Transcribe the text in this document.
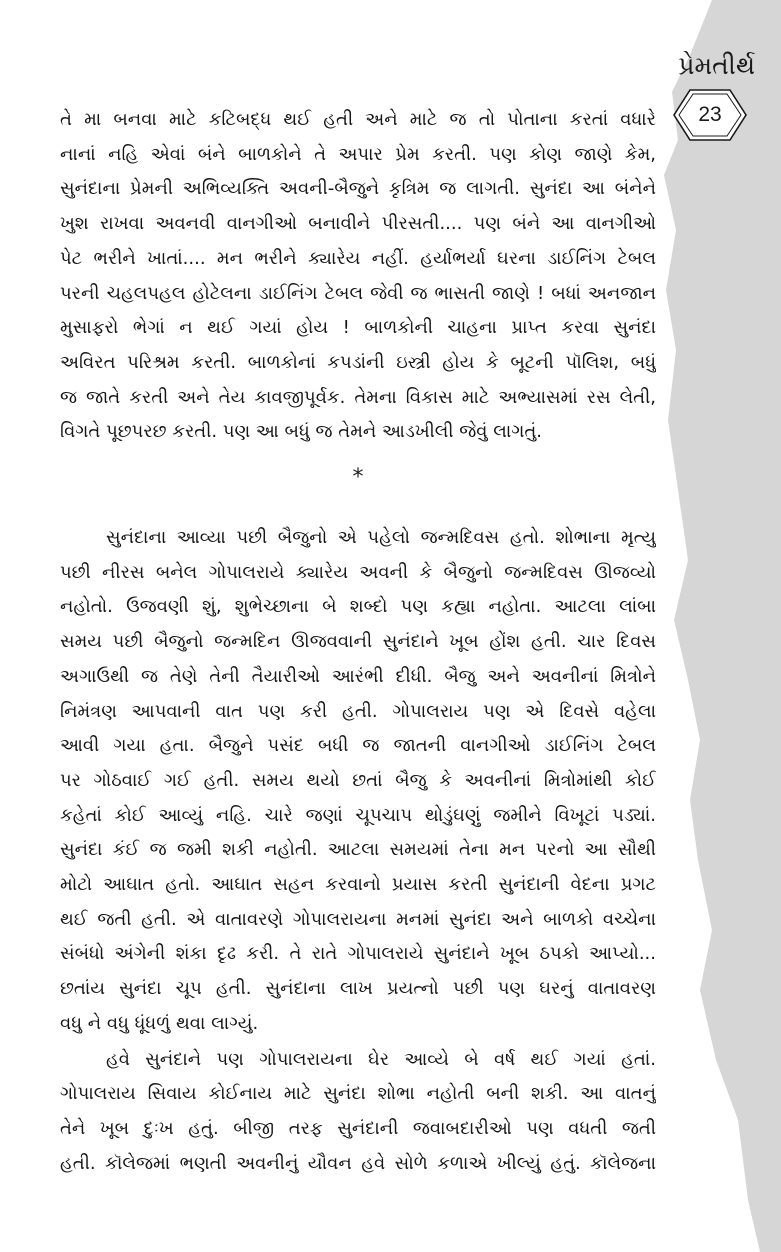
પ્રેમતીર્થ
23
તે મા બનવા માટે કટિબદ્ધ થઈ હતી અને માટે જ તો પોતાના કરતાં વધારે
નાનાં નહિ એવાં બંને બાળકોને તે અપાર પ્રેમ કરતી. પણ કોણ જાણે કેમ,
સુનંદાના પ્રેમની અભિવ્યક્તિ અવની-બૈજુને કૃત્રિમ જ લાગતી. સુનંદા આ બંનેને
ખુશ રાખવા અવનવી વાનગીઓ બનાવીને પીરસતી.... પણ બંને આ વાનગીઓ
પેટ ભરીને ખાતાં.... મન ભરીને ક્યારેય નહીં. હર્યાભર્યા ઘરના ડાઈનિંગ ટેબલ
પરની ચહલપહલ હોટેલના ડાઈનિંગ ટેબલ જેવી જ ભાસતી જાણે ! બધાં અનજાન
મુસાફરો ભેગાં ન થઈ ગયાં હોય ! બાળકોની ચાહના પ્રાપ્ત કરવા સુનંદા
અવિરત પરિશ્રમ કરતી. બાળકોનાં કપડાંની ઇસ્ત્રી હોય કે બૂટની પૉલિશ, બધું
જ જાતે કરતી અને તેય કાવજીપૂર્વક. તેમના વિકાસ માટે અભ્યાસમાં રસ લેતી,
વિગતે પૂછપરછ કરતી. પણ આ બધું જ તેમને આડખીલી જેવું લાગતું.
*
સુનંદાના આવ્યા પછી બૈજુનો એ પહેલો જન્મદિવસ હતો. શોભાના મૃત્યુ
પછી નીરસ બનેલ ગોપાલરાયે ક્યારેય અવની કે બૈજુનો જન્મદિવસ ઊજવ્યો
નહોતો. ઉજવણી શું, શુભેચ્છાના બે શબ્દો પણ કહ્યા નહોતા. આટલા લાંબા
સમય પછી બૈજુનો જન્મદિન ઊજવવાની સુનંદાને ખૂબ હોંશ હતી. ચાર દિવસ
અગાઉથી જ તેણે તેની તૈયારીઓ આરંભી દીધી. બૈજુ અને અવનીનાં મિત્રોને
નિમંત્રણ આપવાની વાત પણ કરી હતી. ગોપાલરાય પણ એ દિવસે વહેલા
આવી ગયા હતા. બૈજુને પસંદ બધી જ જાતની વાનગીઓ ડાઈનિંગ ટેબલ
પર ગોઠવાઈ ગઈ હતી. સમય થયો છતાં બૈજુ કે અવનીનાં મિત્રોમાંથી કોઈ
કહેતાં કોઈ આવ્યું નહિ. ચારે જણાં ચૂપચાપ થોડુંઘણું જમીને વિખૂટાં પડ્યાં.
સુનંદા કંઈ જ જમી શકી નહોતી. આટલા સમયમાં તેના મન પરનો આ સૌથી
મોટો આઘાત હતો. આઘાત સહન કરવાનો પ્રયાસ કરતી સુનંદાની વેદના પ્રગટ
થઈ જતી હતી. એ વાતાવરણે ગોપાલરાયના મનમાં સુનંદા અને બાળકો વચ્ચેના
સંબંધો અંગેની શંકા દૃઢ કરી. તે રાતે ગોપાલરાયે સુનંદાને ખૂબ ઠપકો આપ્યો...
છતાંય સુનંદા ચૂપ હતી. સુનંદાના લાખ પ્રયત્નો પછી પણ ઘરનું વાતાવરણ
વધુ ને વધુ ધૂંધળું થવા લાગ્યું.
હવે સુનંદાને પણ ગોપાલરાયના ઘેર આવ્યે બે વર્ષ થઈ ગયાં હતાં.
ગોપાલરાય સિવાય કોઈનાય માટે સુનંદા શોભા નહોતી બની શકી. આ વાતનું
તેને ખૂબ દુઃખ હતું. બીજી તરફ સુનંદાની જવાબદારીઓ પણ વધતી જતી
હતી. કૉલેજમાં ભણતી અવનીનું યૌવન હવે સોળે કળાએ ખીલ્યું હતું. કૉલેજના
